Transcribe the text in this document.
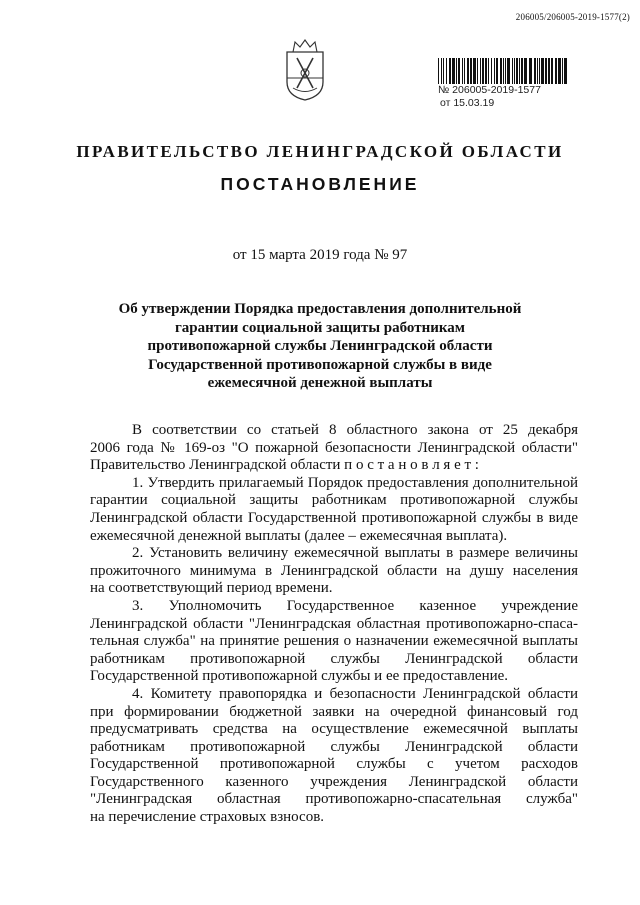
206005/206005-2019-1577(2)
№ 206005-2019-1577
от 15.03.19
ПРАВИТЕЛЬСТВО ЛЕНИНГРАДСКОЙ ОБЛАСТИ
ПОСТАНОВЛЕНИЕ
от 15 марта 2019 года № 97
Об утверждении Порядка предоставления дополнительной
гарантии социальной защиты работникам
противопожарной службы Ленинградской области
Государственной противопожарной службы в виде
ежемесячной денежной выплаты
В соответствии со статьей 8 областного закона от 25 декабря
2006 года № 169-оз "О пожарной безопасности Ленинградской области"
Правительство Ленинградской области п о с т а н о в л я е т :
1. Утвердить прилагаемый Порядок предоставления дополнительной
гарантии социальной защиты работникам противопожарной службы
Ленинградской области Государственной противопожарной службы в виде
ежемесячной денежной выплаты (далее – ежемесячная выплата).
2. Установить величину ежемесячной выплаты в размере величины
прожиточного минимума в Ленинградской области на душу населения
на соответствующий период времени.
3. Уполномочить Государственное казенное учреждение
Ленинградской области "Ленинградская областная противопожарно-спаса-
тельная служба" на принятие решения о назначении ежемесячной выплаты
работникам противопожарной службы Ленинградской области
Государственной противопожарной службы и ее предоставление.
4. Комитету правопорядка и безопасности Ленинградской области
при формировании бюджетной заявки на очередной финансовый год
предусматривать средства на осуществление ежемесячной выплаты
работникам противопожарной службы Ленинградской области
Государственной противопожарной службы с учетом расходов
Государственного казенного учреждения Ленинградской области
"Ленинградская областная противопожарно-спасательная служба"
на перечисление страховых взносов.
